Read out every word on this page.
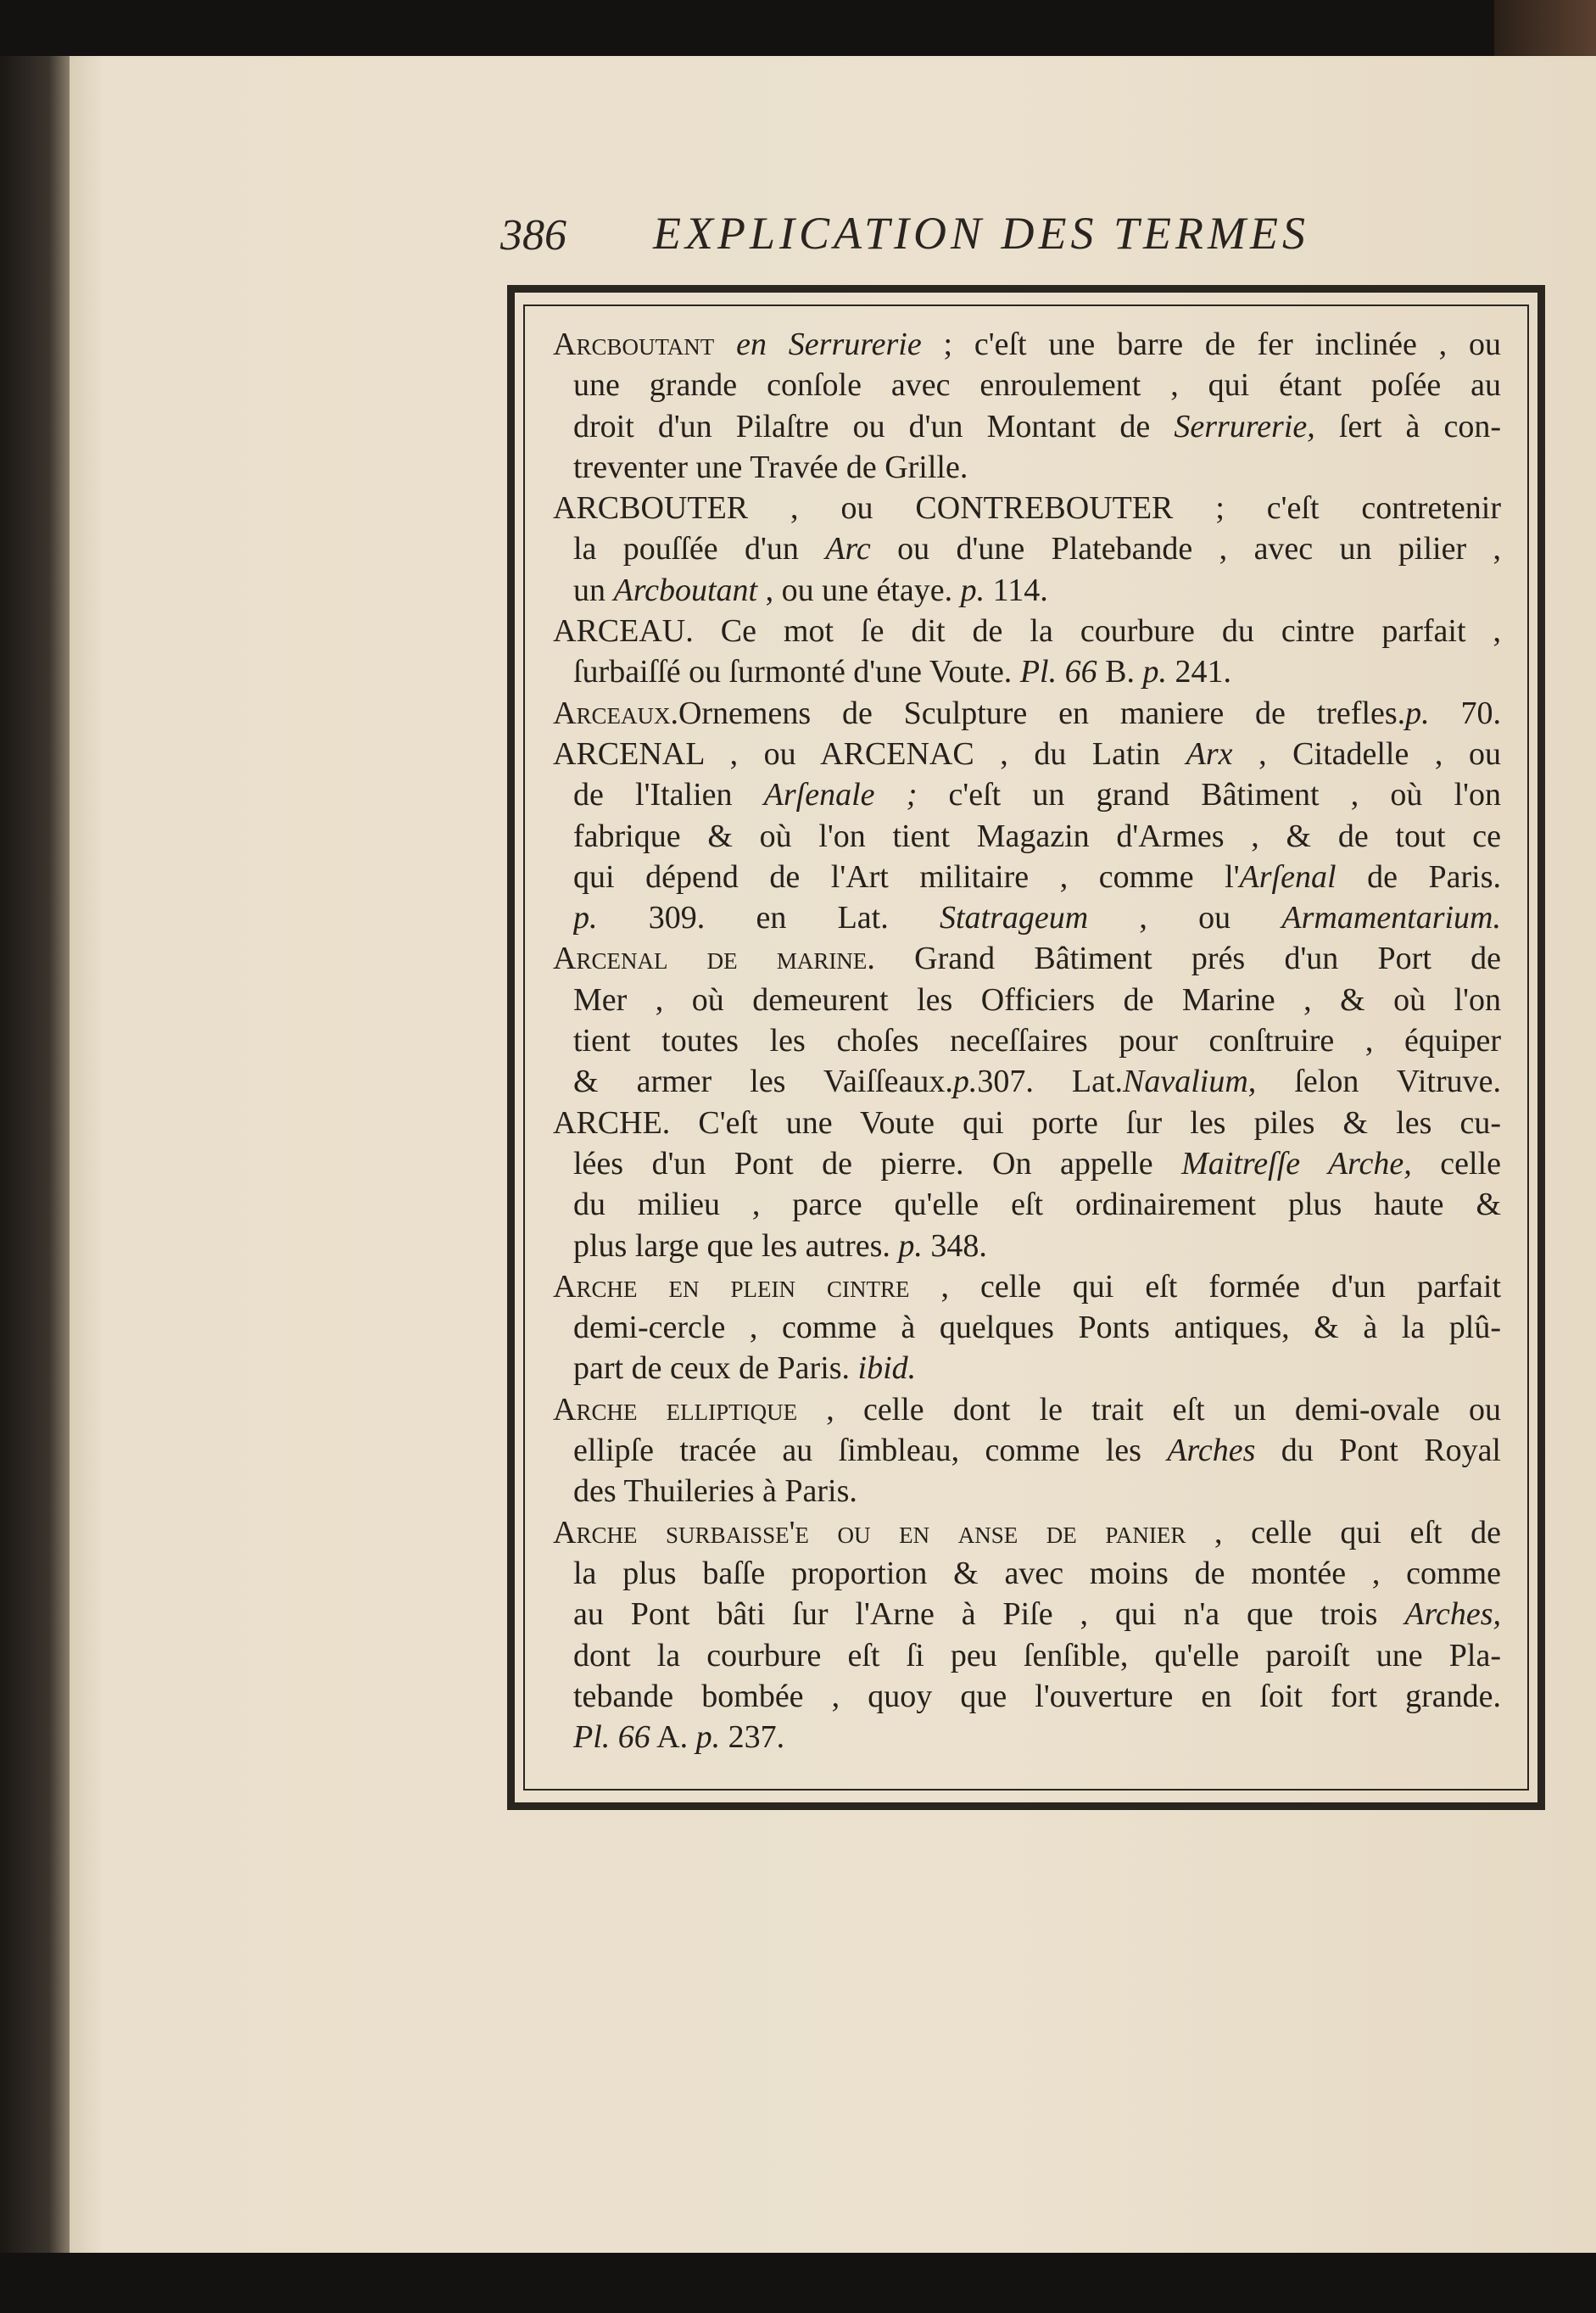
386 EXPLICATION DES TERMES
Arcboutant en Serrurerie ; c'eſt une barre de fer inclinée , ou
une grande conſole avec enroulement , qui étant poſée au
droit d'un Pilaſtre ou d'un Montant de Serrurerie, ſert à con-
treventer une Travée de Grille.
ARCBOUTER , ou CONTREBOUTER ; c'eſt contretenir
la pouſſée d'un Arc ou d'une Platebande , avec un pilier ,
un Arcboutant , ou une étaye. p. 114.
ARCEAU. Ce mot ſe dit de la courbure du cintre parfait ,
ſurbaiſſé ou ſurmonté d'une Voute. Pl. 66 B. p. 241.
Arceaux.Ornemens de Sculpture en maniere de trefles.p. 70.
ARCENAL , ou ARCENAC , du Latin Arx , Citadelle , ou
de l'Italien Arſenale ; c'eſt un grand Bâtiment , où l'on
fabrique & où l'on tient Magazin d'Armes , & de tout ce
qui dépend de l'Art militaire , comme l'Arſenal de Paris.
p. 309. en Lat. Statrageum , ou Armamentarium.
Arcenal de marine. Grand Bâtiment prés d'un Port de
Mer , où demeurent les Officiers de Marine , & où l'on
tient toutes les choſes neceſſaires pour conſtruire , équiper
& armer les Vaiſſeaux.p.307. Lat.Navalium, ſelon Vitruve.
ARCHE. C'eſt une Voute qui porte ſur les piles & les cu-
lées d'un Pont de pierre. On appelle Maitreſſe Arche, celle
du milieu , parce qu'elle eſt ordinairement plus haute &
plus large que les autres. p. 348.
Arche en plein cintre , celle qui eſt formée d'un parfait
demi-cercle , comme à quelques Ponts antiques, & à la plû-
part de ceux de Paris. ibid.
Arche elliptique , celle dont le trait eſt un demi-ovale ou
ellipſe tracée au ſimbleau, comme les Arches du Pont Royal
des Thuileries à Paris.
Arche surbaisse'e ou en anse de panier , celle qui eſt de
la plus baſſe proportion & avec moins de montée , comme
au Pont bâti ſur l'Arne à Piſe , qui n'a que trois Arches,
dont la courbure eſt ſi peu ſenſible, qu'elle paroiſt une Pla-
tebande bombée , quoy que l'ouverture en ſoit fort grande.
Pl. 66 A. p. 237.
